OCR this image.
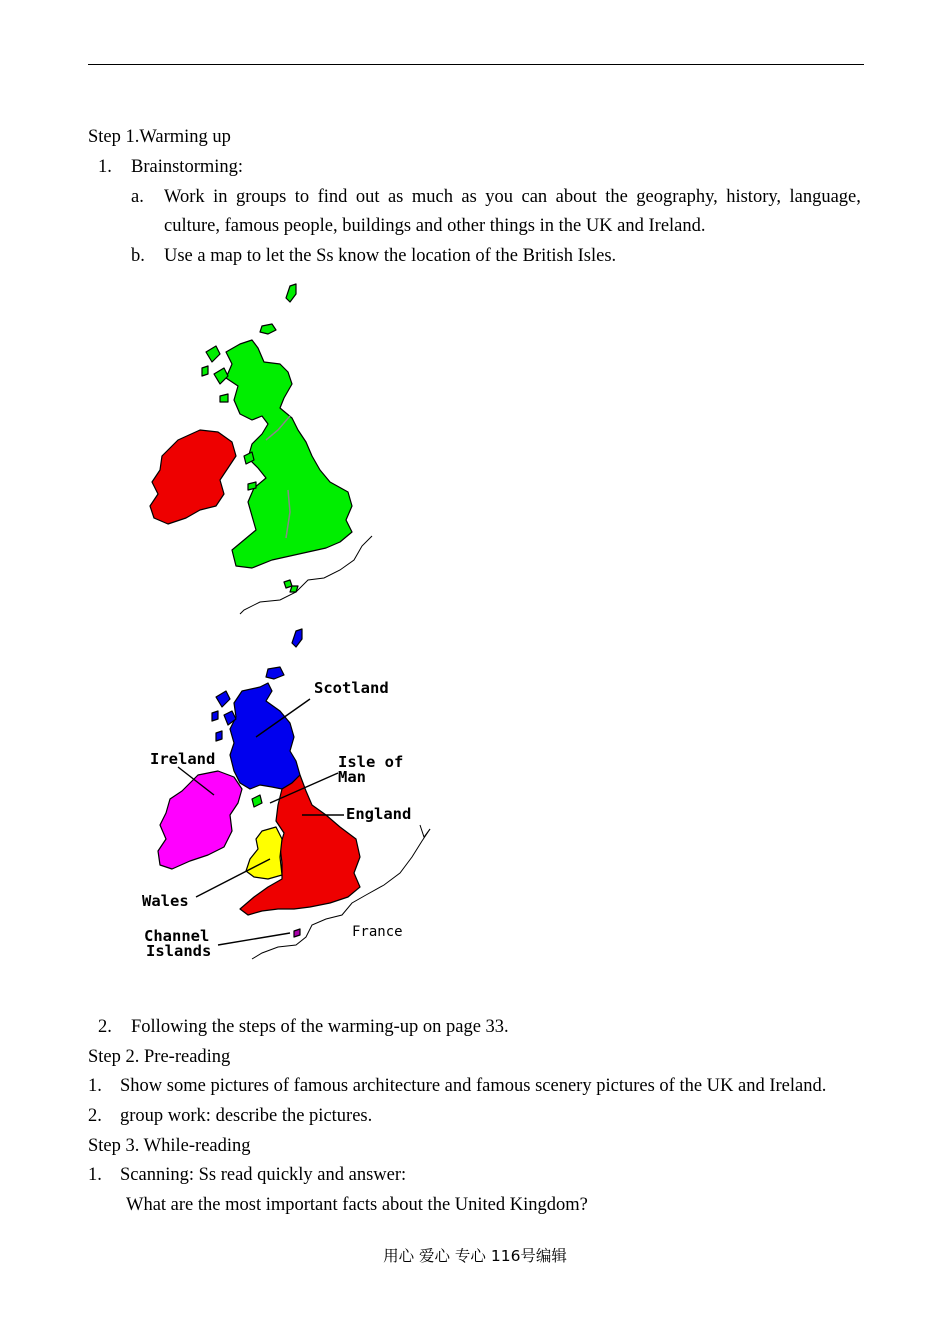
Step 1.Warming up
1. Brainstorming:
a. Work in groups to find out as much as you can about the geography, history, language,
culture, famous people, buildings and other things in the UK and Ireland.
b. Use a map to let the Ss know the location of the British Isles.
Scotland
Ireland	Isle of
Man
England
Wales
Channel
Islands
France
2. Following the steps of the warming-up on page 33.
Step 2. Pre-reading
1. Show some pictures of famous architecture and famous scenery pictures of the UK and Ireland.
2. group work: describe the pictures.
Step 3. While-reading
1. Scanning: Ss read quickly and answer:
What are the most important facts about the United Kingdom?
用心 爱心 专心 116号编辑
